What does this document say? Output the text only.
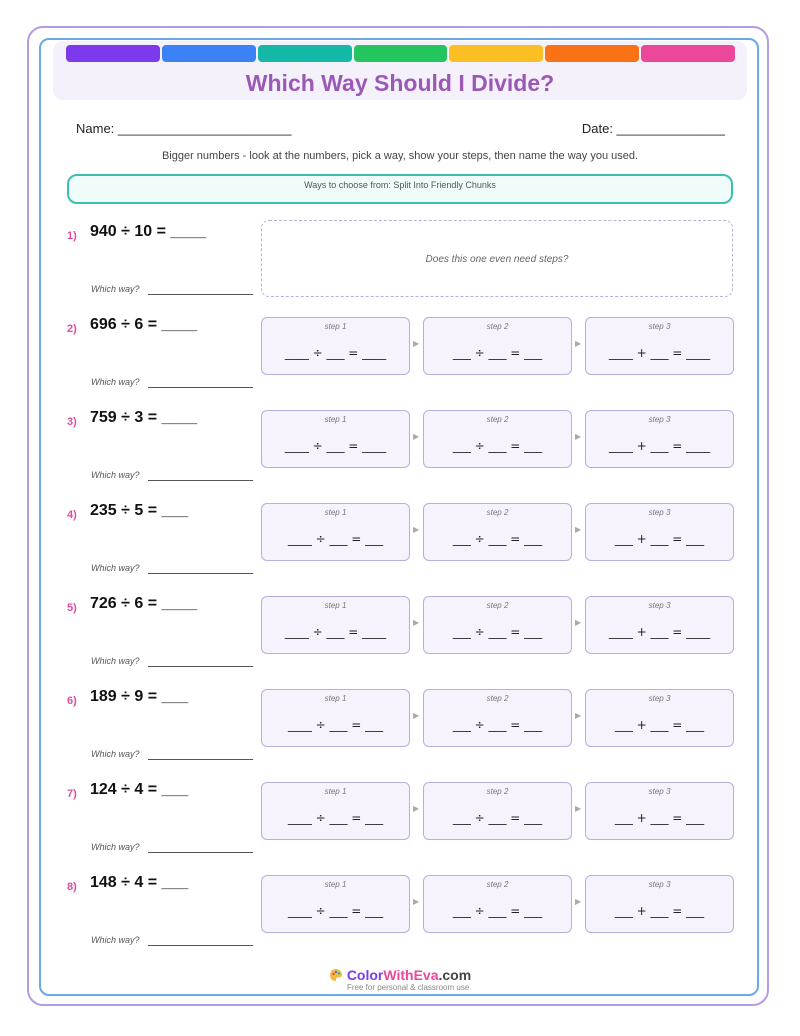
Which Way Should I Divide?
Name: ________________________	Date: _______________
Bigger numbers - look at the numbers, pick a way, show your steps, then name the way you used.
Ways to choose from: Split Into Friendly Chunks
1) 940 ÷ 10 = ____
Which way?
Does this one even need steps?
2) 696 ÷ 6 = ____
Which way?
step 1
____ ÷ ___ = ____
▶
step 2
___ ÷ ___ = ___
▶
step 3
____ + ___ = ____
3) 759 ÷ 3 = ____
Which way?
step 1
____ ÷ ___ = ____
▶
step 2
___ ÷ ___ = ___
▶
step 3
____ + ___ = ____
4) 235 ÷ 5 = ___
Which way?
step 1
____ ÷ ___ = ___
▶
step 2
___ ÷ ___ = ___
▶
step 3
___ + ___ = ___
5) 726 ÷ 6 = ____
Which way?
step 1
____ ÷ ___ = ____
▶
step 2
___ ÷ ___ = ___
▶
step 3
____ + ___ = ____
6) 189 ÷ 9 = ___
Which way?
step 1
____ ÷ ___ = ___
▶
step 2
___ ÷ ___ = ___
▶
step 3
___ + ___ = ___
7) 124 ÷ 4 = ___
Which way?
step 1
____ ÷ ___ = ___
▶
step 2
___ ÷ ___ = ___
▶
step 3
___ + ___ = ___
8) 148 ÷ 4 = ___
Which way?
step 1
____ ÷ ___ = ___
▶
step 2
___ ÷ ___ = ___
▶
step 3
___ + ___ = ___
ColorWithEva.com
Free for personal & classroom use
